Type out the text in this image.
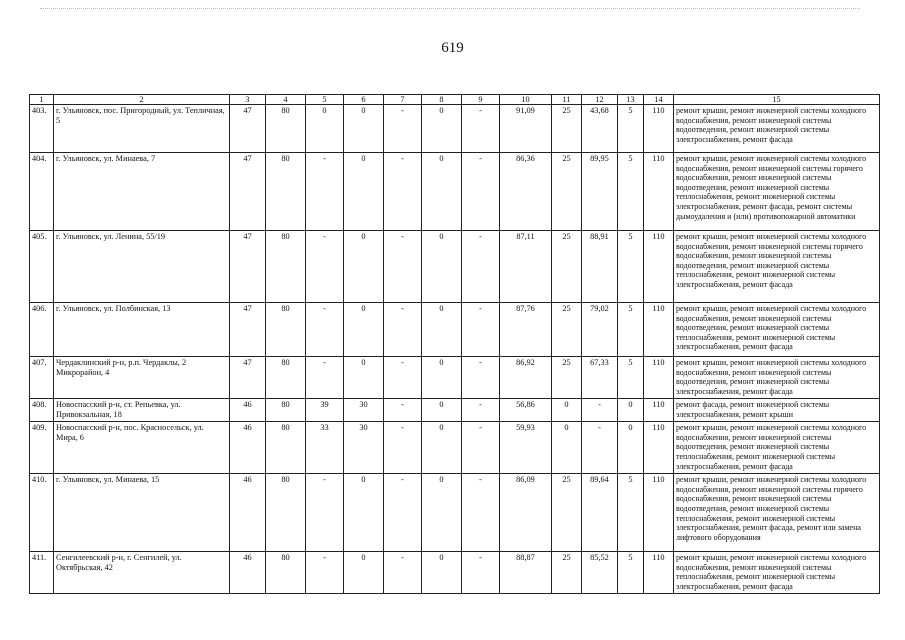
619
1	2	3	4	5	6	7	8	9	10	11	12	13	14	15
403.	г. Ульяновск, пос. Пригородный, ул. Тепличная, 5	47	80	0	0	-	0	-	91,09	25	43,68	5	110	ремонт крыши, ремонт инженерной системы холодного водоснабжения, ремонт инженерной системы водоотведения, ремонт инженерной системы электроснабжения, ремонт фасада
404.	г. Ульяновск, ул. Минаева, 7	47	80	-	0	-	0	-	86,36	25	89,95	5	110	ремонт крыши, ремонт инженерной системы холодного водоснабжения, ремонт инженерной системы горячего водоснабжения, ремонт инженерной системы водоотведения, ремонт инженерной системы теплоснабжения, ремонт инженерной системы электроснабжения, ремонт фасада, ремонт системы дымоудаления и (или) противопожарной автоматики
405.	г. Ульяновск, ул. Ленина, 55/19	47	80	-	0	-	0	-	87,11	25	88,91	5	110	ремонт крыши, ремонт инженерной системы холодного водоснабжения, ремонт инженерной системы горячего водоснабжения, ремонт инженерной системы водоотведения, ремонт инженерной системы теплоснабжения, ремонт инженерной системы электроснабжения, ремонт фасада
406.	г. Ульяновск, ул. Полбинская, 13	47	80	-	0	-	0	-	87,76	25	79,02	5	110	ремонт крыши, ремонт инженерной системы холодного водоснабжения, ремонт инженерной системы водоотведения, ремонт инженерной системы теплоснабжения, ремонт инженерной системы электроснабжения, ремонт фасада
407.	Чердаклинский р-н, р.п. Чердаклы, 2 Микрорайон, 4	47	80	-	0	-	0	-	86,92	25	67,33	5	110	ремонт крыши, ремонт инженерной системы холодного водоснабжения, ремонт инженерной системы водоотведения, ремонт инженерной системы электроснабжения, ремонт фасада
408.	Новоспасский р-н, ст. Репьевка, ул. Привокзальная, 18	46	80	39	30	-	0	-	56,86	0	-	0	110	ремонт фасада, ремонт инженерной системы электроснабжения, ремонт крыши
409.	Новоспасский р-н, пос. Красносельск, ул. Мира, 6	46	80	33	30	-	0	-	59,93	0	-	0	110	ремонт крыши, ремонт инженерной системы холодного водоснабжения, ремонт инженерной системы водоотведения, ремонт инженерной системы теплоснабжения, ремонт инженерной системы электроснабжения, ремонт фасада
410.	г. Ульяновск, ул. Минаева, 15	46	80	-	0	-	0	-	86,09	25	89,64	5	110	ремонт крыши, ремонт инженерной системы холодного водоснабжения, ремонт инженерной системы горячего водоснабжения, ремонт инженерной системы водоотведения, ремонт инженерной системы теплоснабжения, ремонт инженерной системы электроснабжения, ремонт фасада, ремонт или замена лифтового оборудования
411.	Сенгилеевский р-н, г. Сенгилей, ул. Октябрьская, 42	46	80	-	0	-	0	-	88,87	25	85,52	5	110	ремонт крыши, ремонт инженерной системы холодного водоснабжения, ремонт инженерной системы теплоснабжения, ремонт инженерной системы электроснабжения, ремонт фасада
